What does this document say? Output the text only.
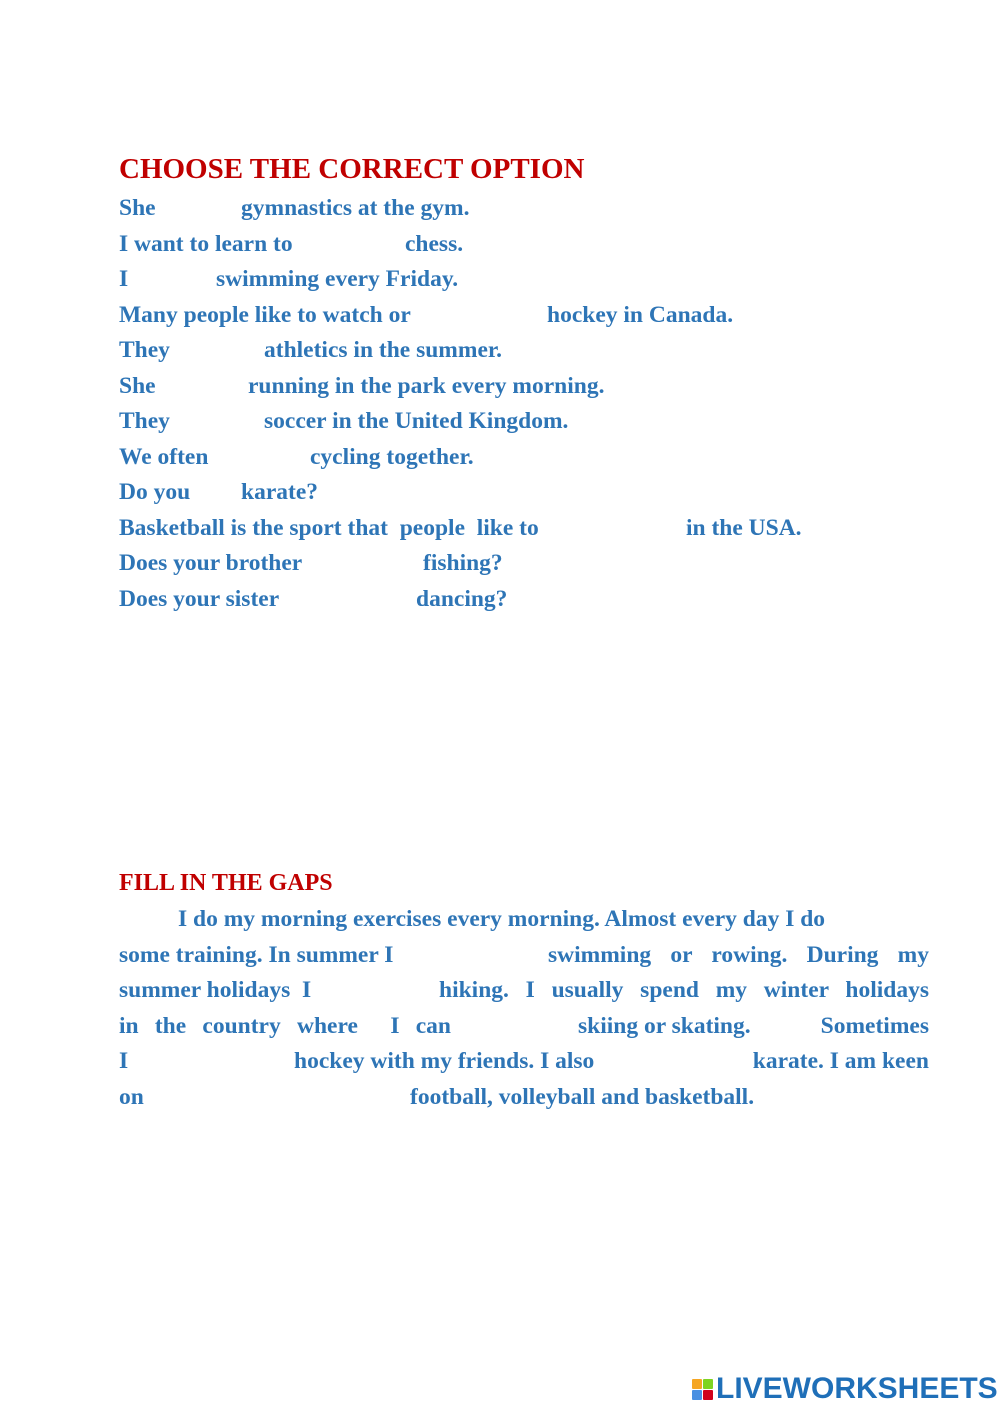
CHOOSE THE CORRECT OPTION
She	gymnastics at the gym.
I want to learn to	chess.
I	swimming every Friday.
Many people like to watch or	hockey in Canada.
They	athletics in the summer.
She	running in the park every morning.
They	soccer in the United Kingdom.
We often	cycling together.
Do you karate?
Basketball is the sport that  people  like to	in the USA.
Does your brother	fishing?
Does your sister	dancing?
FILL IN THE GAPS
I do my morning exercises every morning. Almost every day I do
some training. In summer I	swimming or rowing. During my
summer holidays  I	hiking. I usually spend my winter holidays
in the country where  I can	skiing or skating.	Sometimes
I	hockey with my friends. I also	karate. I am keen
on	football, volleyball and basketball.
LIVEWORKSHEETS
